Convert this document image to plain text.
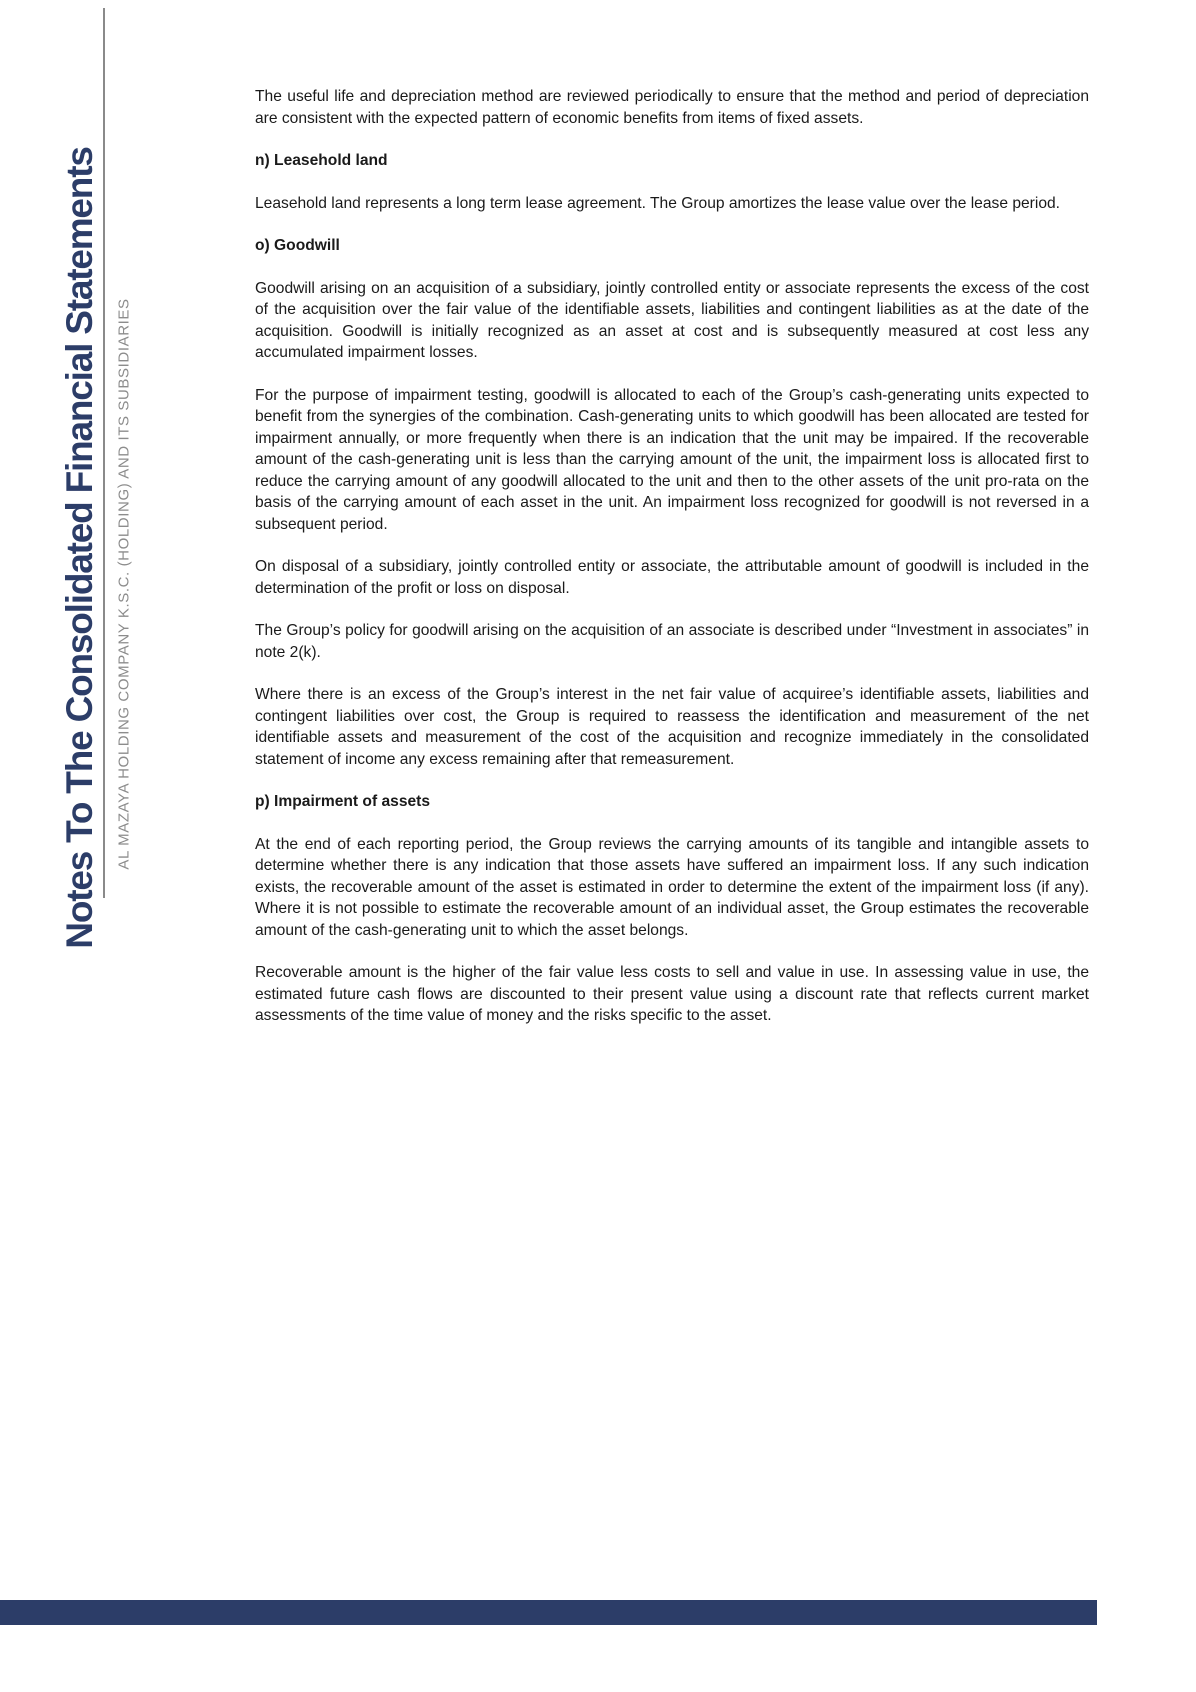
Notes To The Consolidated Financial Statements AL MAZAYA HOLDING COMPANY K.S.C. (HOLDING) AND ITS SUBSIDIARIES

The useful life and depreciation method are reviewed periodically to ensure that the method and period of depreciation are consistent with the expected pattern of economic benefits from items of fixed assets.

n) Leasehold land

Leasehold land represents a long term lease agreement. The Group amortizes the lease value over the lease period.

o) Goodwill

Goodwill arising on an acquisition of a subsidiary, jointly controlled entity or associate represents the excess of the cost of the acquisition over the fair value of the identifiable assets, liabilities and contingent liabilities as at the date of the acquisition. Goodwill is initially recognized as an asset at cost and is subsequently measured at cost less any accumulated impairment losses.

For the purpose of impairment testing, goodwill is allocated to each of the Group’s cash-generating units expected to benefit from the synergies of the combination. Cash-generating units to which goodwill has been allocated are tested for impairment annually, or more frequently when there is an indication that the unit may be impaired. If the recoverable amount of the cash-generating unit is less than the carrying amount of the unit, the impairment loss is allocated first to reduce the carrying amount of any goodwill allocated to the unit and then to the other assets of the unit pro-rata on the basis of the carrying amount of each asset in the unit. An impairment loss recognized for goodwill is not reversed in a subsequent period.

On disposal of a subsidiary, jointly controlled entity or associate, the attributable amount of goodwill is included in the determination of the profit or loss on disposal.

The Group’s policy for goodwill arising on the acquisition of an associate is described under “Investment in associates” in note 2(k).

Where there is an excess of the Group’s interest in the net fair value of acquiree’s identifiable assets, liabilities and contingent liabilities over cost, the Group is required to reassess the identification and measurement of the net identifiable assets and measurement of the cost of the acquisition and recognize immediately in the consolidated statement of income any excess remaining after that remeasurement.

p) Impairment of assets

At the end of each reporting period, the Group reviews the carrying amounts of its tangible and intangible assets to determine whether there is any indication that those assets have suffered an impairment loss. If any such indication exists, the recoverable amount of the asset is estimated in order to determine the extent of the impairment loss (if any). Where it is not possible to estimate the recoverable amount of an individual asset, the Group estimates the recoverable amount of the cash-generating unit to which the asset belongs.

Recoverable amount is the higher of the fair value less costs to sell and value in use. In assessing value in use, the estimated future cash flows are discounted to their present value using a discount rate that reflects current market assessments of the time value of money and the risks specific to the asset.
